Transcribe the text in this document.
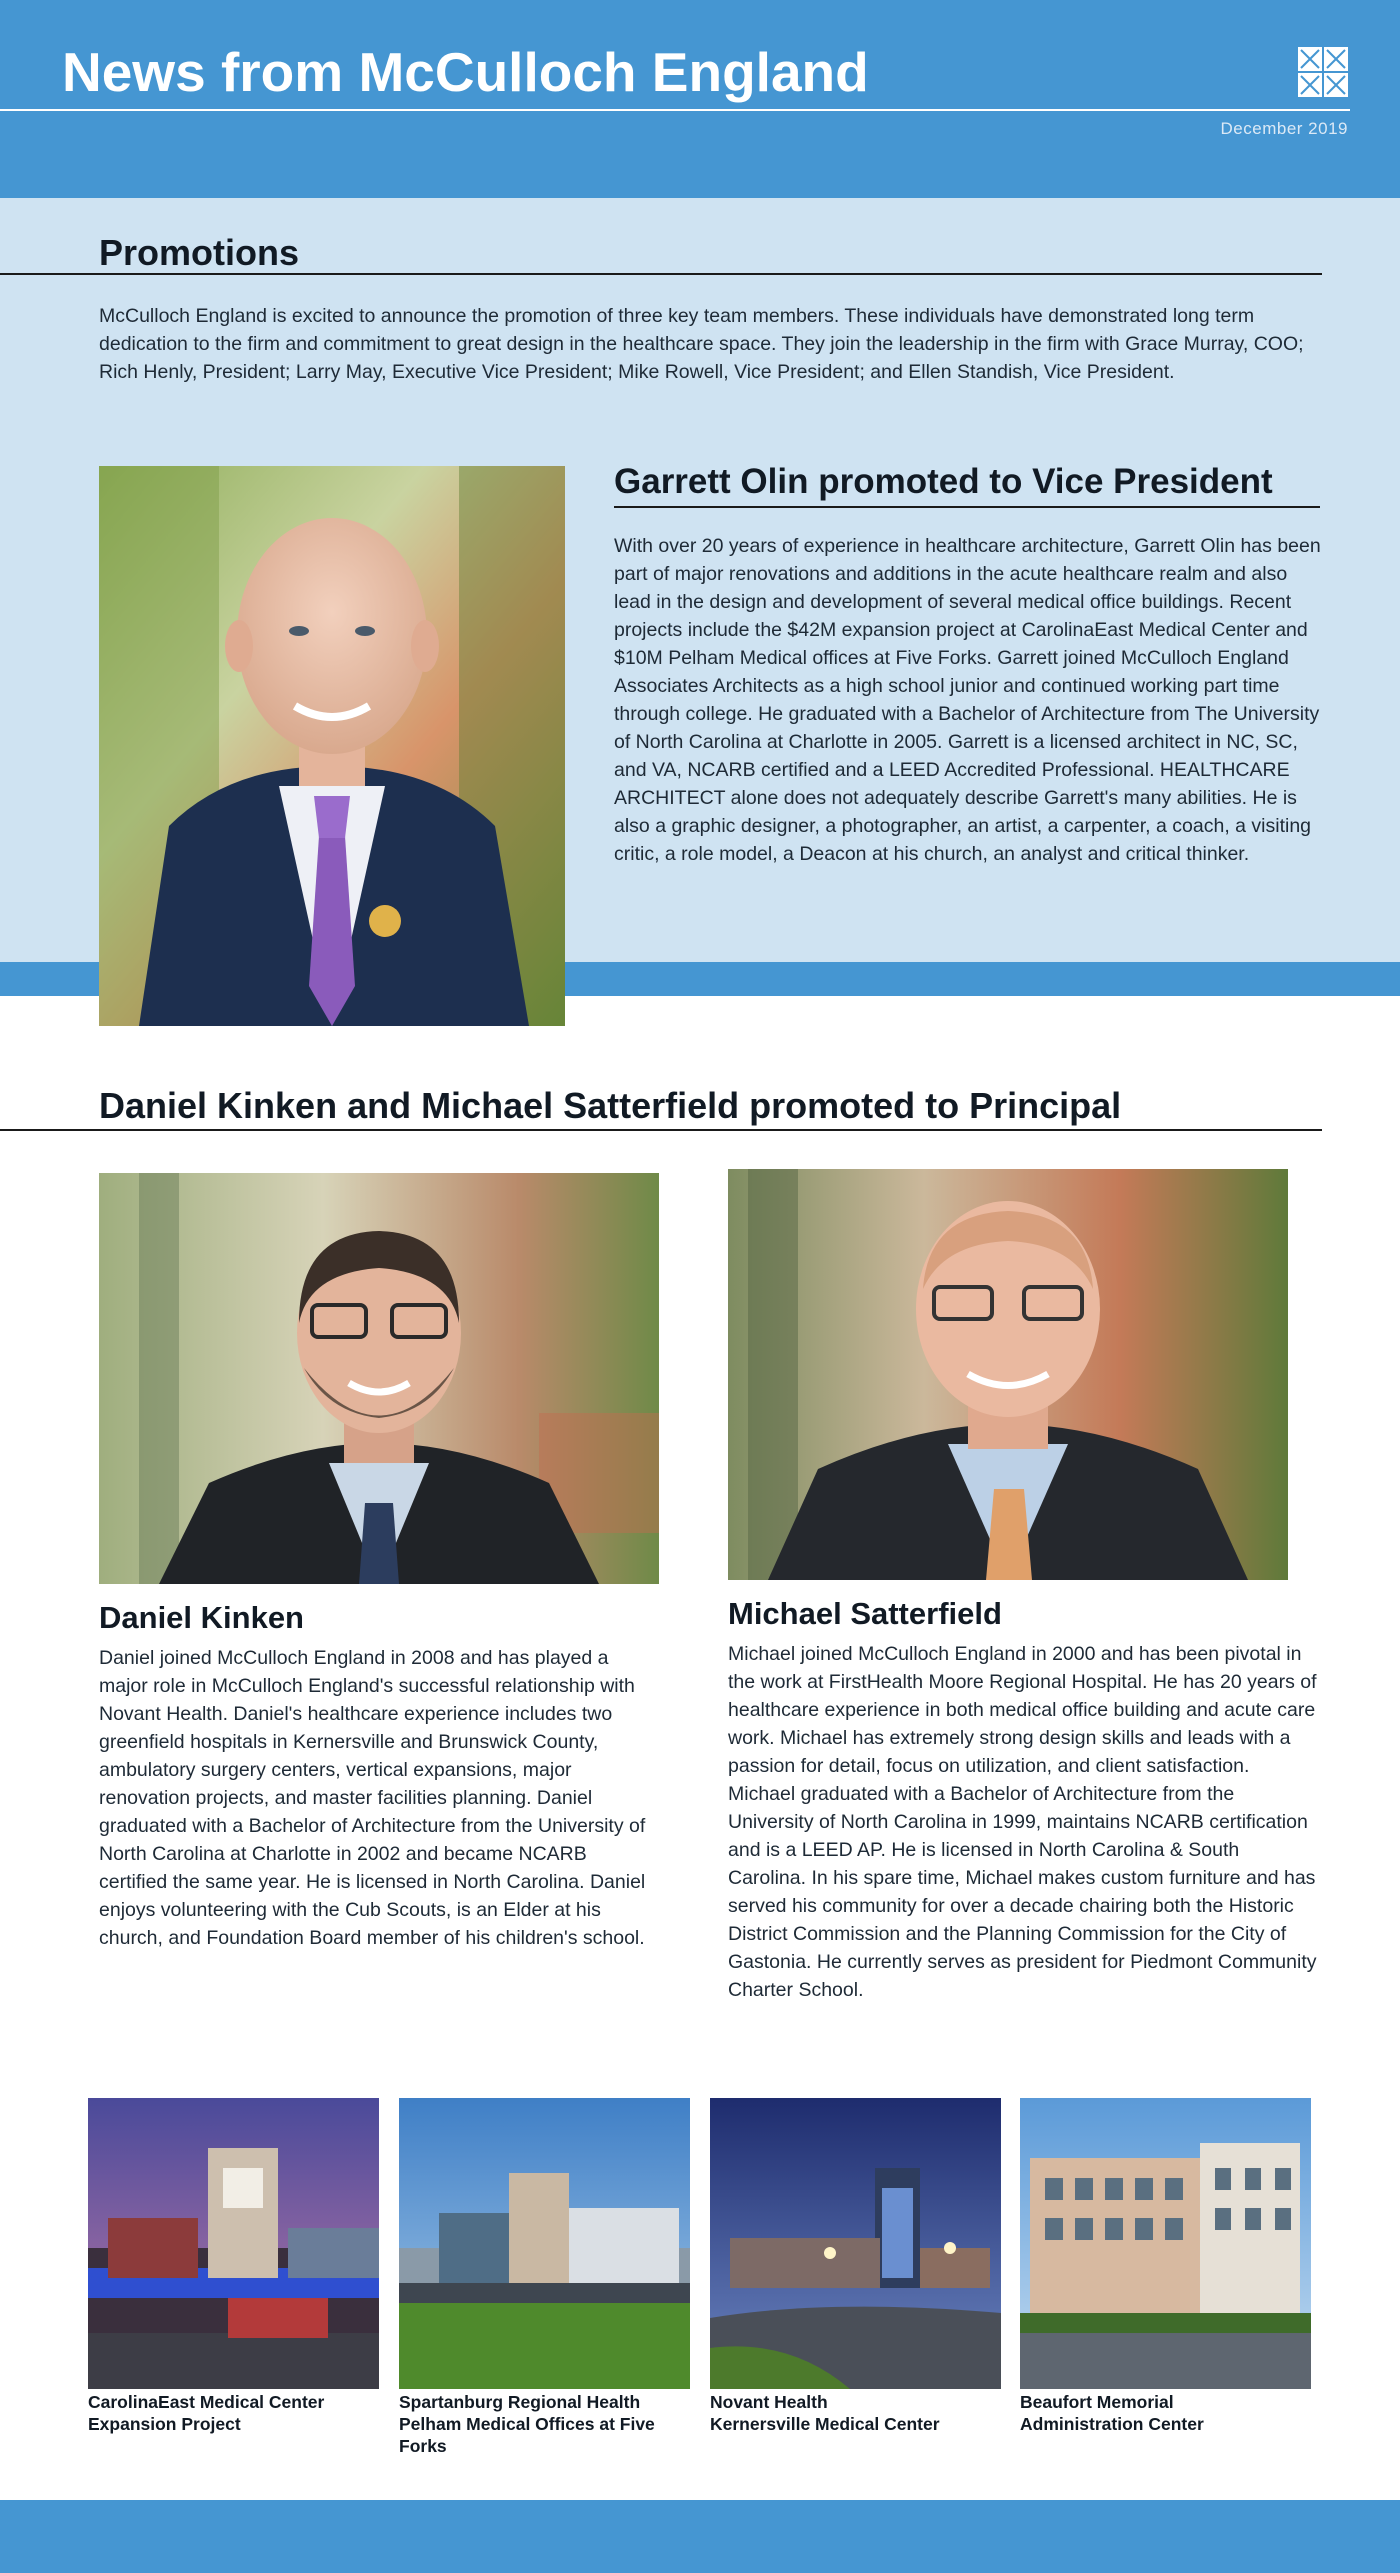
News from McCulloch England
December 2019
Promotions
McCulloch England is excited to announce the promotion of three key team members. These individuals have demonstrated long term dedication to the firm and commitment to great design in the healthcare space. They join the leadership in the firm with Grace Murray, COO; Rich Henly, President; Larry May, Executive Vice President; Mike Rowell, Vice President; and Ellen Standish, Vice President.
Garrett Olin promoted to Vice President
With over 20 years of experience in healthcare architecture, Garrett Olin has been part of major renovations and additions in the acute healthcare realm and also lead in the design and development of several medical office buildings. Recent projects include the $42M expansion project at CarolinaEast Medical Center and $10M Pelham Medical offices at Five Forks. Garrett joined McCulloch England Associates Architects as a high school junior and continued working part time through college. He graduated with a Bachelor of Architecture from The University of North Carolina at Charlotte in 2005. Garrett is a licensed architect in NC, SC, and VA, NCARB certified and a LEED Accredited Professional. HEALTHCARE ARCHITECT alone does not adequately describe Garrett's many abilities. He is also a graphic designer, a photographer, an artist, a carpenter, a coach, a visiting critic, a role model, a Deacon at his church, an analyst and critical thinker.
Daniel Kinken and Michael Satterfield promoted to Principal
Daniel Kinken	Michael Satterfield
Daniel joined McCulloch England in 2008 and has played a major role in McCulloch England's successful relationship with Novant Health. Daniel's healthcare experience includes two greenfield hospitals in Kernersville and Brunswick County, ambulatory surgery centers, vertical expansions, major renovation projects, and master facilities planning. Daniel graduated with a Bachelor of Architecture from the University of North Carolina at Charlotte in 2002 and became NCARB certified the same year. He is licensed in North Carolina. Daniel enjoys volunteering with the Cub Scouts, is an Elder at his church, and Foundation Board member of his children's school.
Michael joined McCulloch England in 2000 and has been pivotal in the work at FirstHealth Moore Regional Hospital. He has 20 years of healthcare experience in both medical office building and acute care work. Michael has extremely strong design skills and leads with a passion for detail, focus on utilization, and client satisfaction. Michael graduated with a Bachelor of Architecture from the University of North Carolina in 1999, maintains NCARB certification and is a LEED AP. He is licensed in North Carolina & South Carolina. In his spare time, Michael makes custom furniture and has served his community for over a decade chairing both the Historic District Commission and the Planning Commission for the City of Gastonia. He currently serves as president for Piedmont Community Charter School.
CarolinaEast Medical Center
Expansion Project
Spartanburg Regional Health
Pelham Medical Offices at Five
Forks
Novant Health
Kernersville Medical Center
Beaufort Memorial
Administration Center
